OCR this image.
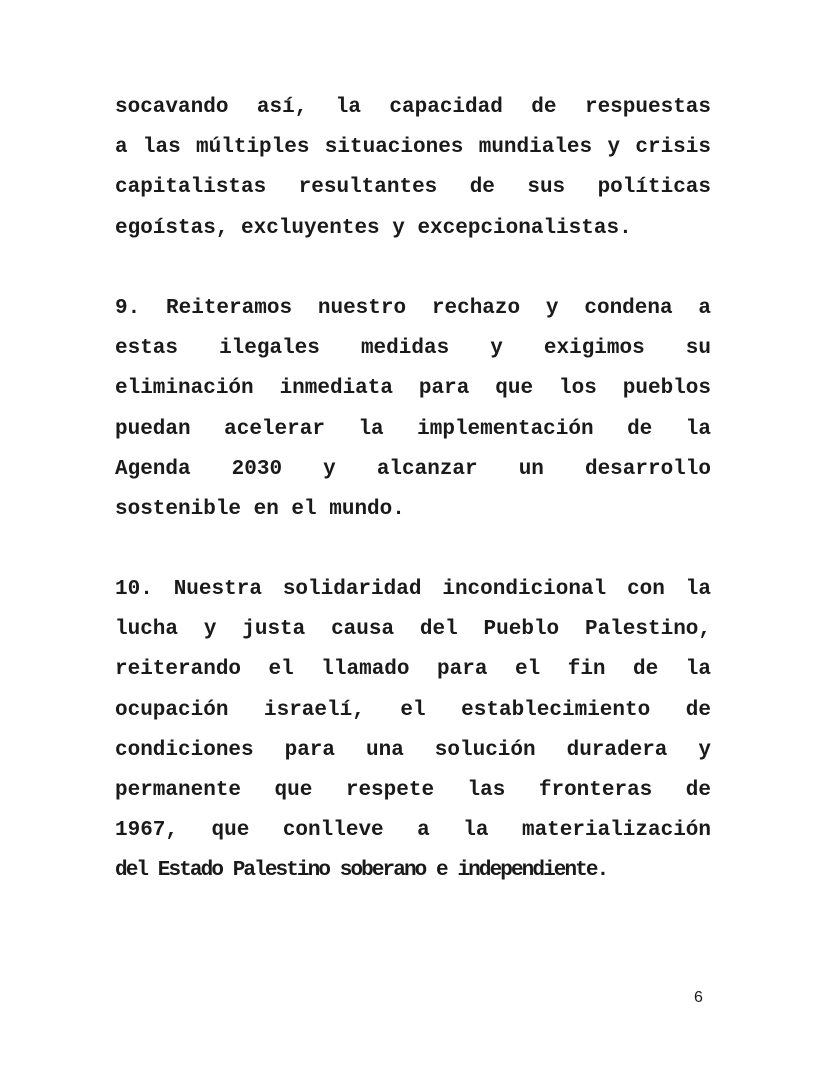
socavando así, la capacidad de respuestas
a las múltiples situaciones mundiales y crisis
capitalistas resultantes de sus políticas
egoístas, excluyentes y excepcionalistas.
9. Reiteramos nuestro rechazo y condena a
estas ilegales medidas y exigimos su
eliminación inmediata para que los pueblos
puedan acelerar la implementación de la
Agenda 2030 y alcanzar un desarrollo
sostenible en el mundo.
10. Nuestra solidaridad incondicional con la
lucha y justa causa del Pueblo Palestino,
reiterando el llamado para el fin de la
ocupación israelí, el establecimiento de
condiciones para una solución duradera y
permanente que respete las fronteras de
1967, que conlleve a la materialización
del Estado Palestino soberano e independiente.
6
